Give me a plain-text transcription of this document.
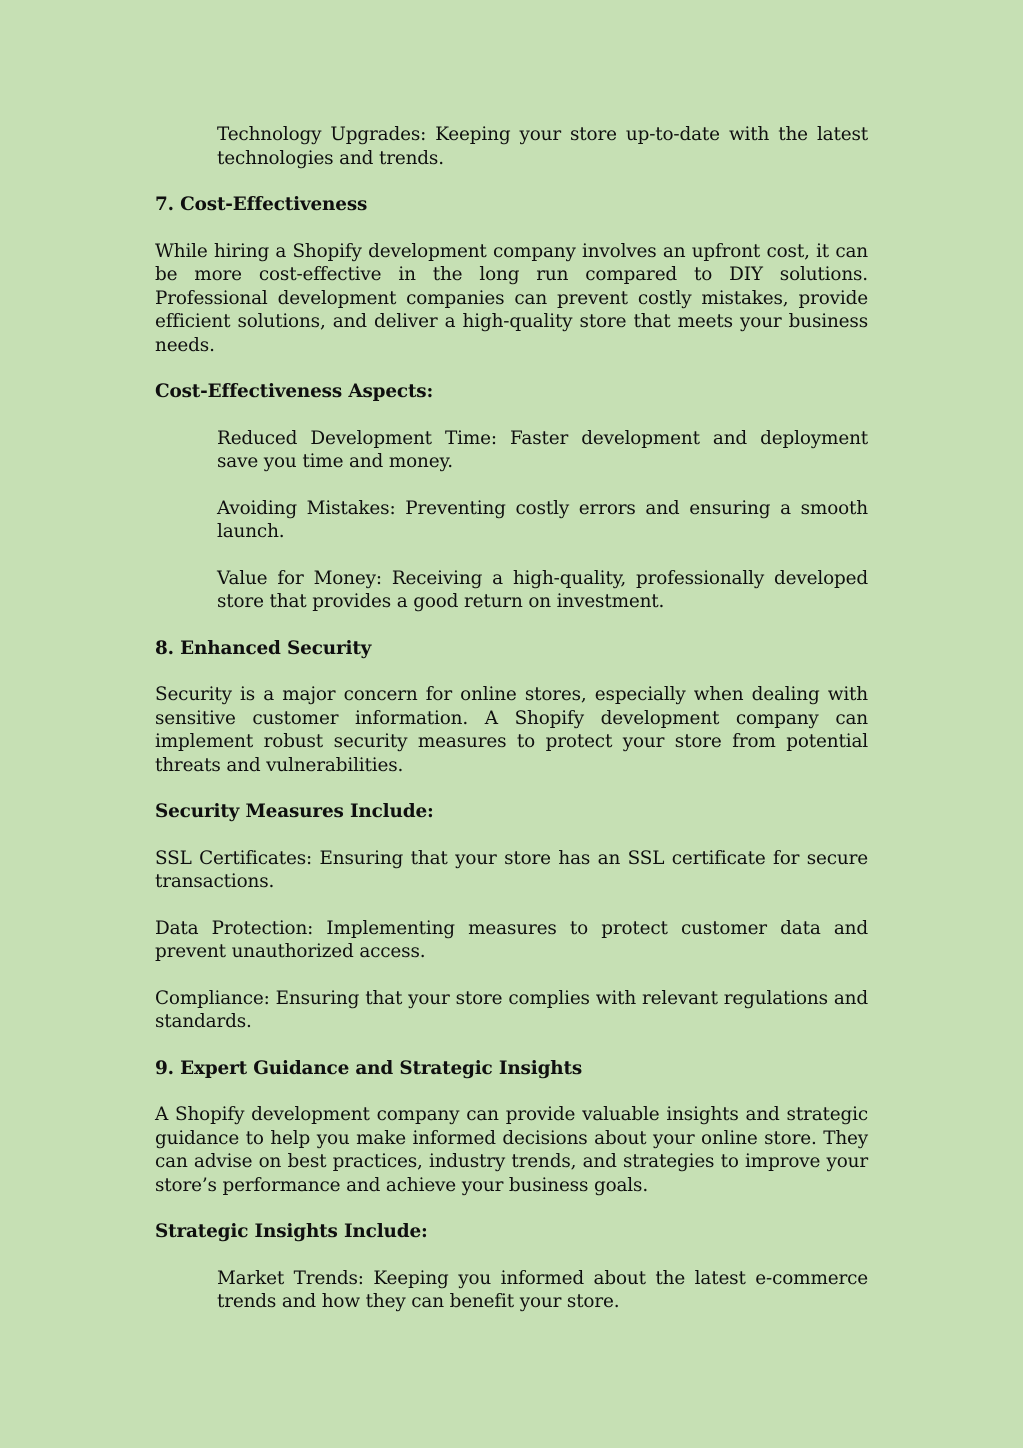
Technology Upgrades: Keeping your store up-to-date with the latest technologies and trends.

7. Cost-Effectiveness

While hiring a Shopify development company involves an upfront cost, it can be more cost-effective in the long run compared to DIY solutions. Professional development companies can prevent costly mistakes, provide efficient solutions, and deliver a high-quality store that meets your business needs.

Cost-Effectiveness Aspects:

Reduced Development Time: Faster development and deployment save you time and money.

Avoiding Mistakes: Preventing costly errors and ensuring a smooth launch.

Value for Money: Receiving a high-quality, professionally developed store that provides a good return on investment.

8. Enhanced Security

Security is a major concern for online stores, especially when dealing with sensitive customer information. A Shopify development company can implement robust security measures to protect your store from potential threats and vulnerabilities.

Security Measures Include:

SSL Certificates: Ensuring that your store has an SSL certificate for secure transactions.

Data Protection: Implementing measures to protect customer data and prevent unauthorized access.

Compliance: Ensuring that your store complies with relevant regulations and standards.

9. Expert Guidance and Strategic Insights

A Shopify development company can provide valuable insights and strategic guidance to help you make informed decisions about your online store. They can advise on best practices, industry trends, and strategies to improve your store’s performance and achieve your business goals.

Strategic Insights Include:

Market Trends: Keeping you informed about the latest e-commerce trends and how they can benefit your store.
